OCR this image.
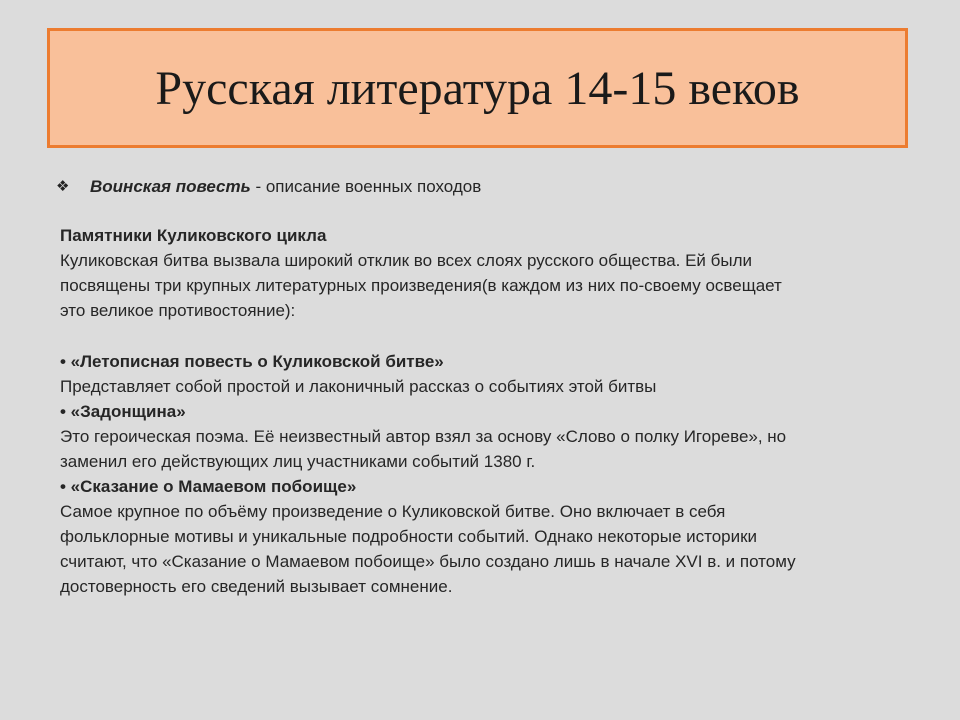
Русская литература 14-15 веков
❖	Воинская повесть - описание военных походов

Памятники Куликовского цикла

Куликовская битва вызвала широкий отклик во всех слоях русского общества. Ей были

посвящены три крупных литературных произведения(в каждом из них по-своему освещает

это великое противостояние):

• «Летописная повесть о Куликовской битве»

Представляет собой простой и лаконичный рассказ о событиях этой битвы

• «Задонщина»

Это героическая поэма. Её неизвестный автор взял за основу «Слово о полку Игореве», но

заменил его действующих лиц участниками событий 1380 г.

• «Сказание о Мамаевом побоище»

Самое крупное по объёму произведение о Куликовской битве. Оно включает в себя

фольклорные мотивы и уникальные подробности событий. Однако некоторые историки

считают, что «Сказание о Мамаевом побоище» было создано лишь в начале XVI в. и потому

достоверность его сведений вызывает сомнение.
